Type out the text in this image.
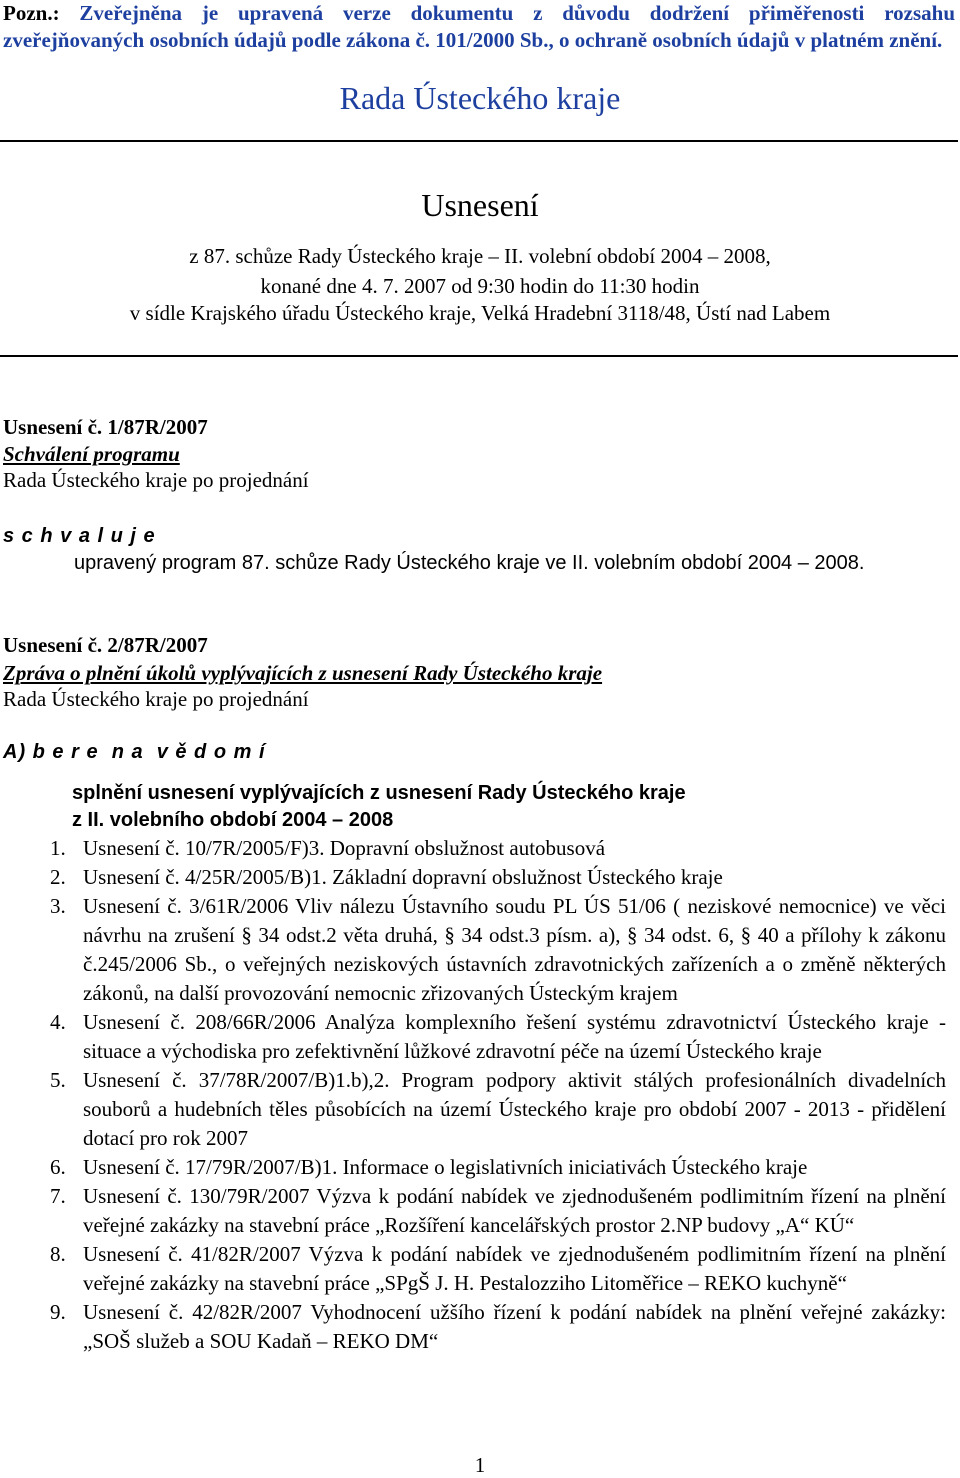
Pozn.: Zveřejněna je upravená verze dokumentu z důvodu dodržení přiměřenosti rozsahu zveřejňovaných osobních údajů podle zákona č. 101/2000 Sb., o ochraně osobních údajů v platném znění.
Rada Ústeckého kraje
Usnesení
z 87. schůze Rady Ústeckého kraje – II. volební období 2004 – 2008,
konané dne 4. 7. 2007 od 9:30 hodin do 11:30 hodin
v sídle Krajského úřadu Ústeckého kraje, Velká Hradební 3118/48, Ústí nad Labem
Usnesení č. 1/87R/2007
Schválení programu
Rada Ústeckého kraje po projednání
s c h v a l u j e
upravený program 87. schůze Rady Ústeckého kraje ve II. volebním období 2004 – 2008.
Usnesení č. 2/87R/2007
Zpráva o plnění úkolů vyplývajících z usnesení Rady Ústeckého kraje
Rada Ústeckého kraje po projednání
A) b e r e  n a  v ě d o m í
splnění usnesení vyplývajících z usnesení Rady Ústeckého kraje
z II. volebního období 2004 – 2008
1. Usnesení č. 10/7R/2005/F)3. Dopravní obslužnost autobusová
2. Usnesení č. 4/25R/2005/B)1. Základní dopravní obslužnost Ústeckého kraje
3. Usnesení č. 3/61R/2006 Vliv nálezu Ústavního soudu PL ÚS 51/06 ( neziskové nemocnice) ve věci návrhu na zrušení § 34 odst.2 věta druhá, § 34 odst.3 písm. a), § 34 odst. 6, § 40 a přílohy k zákonu č.245/2006 Sb., o veřejných neziskových ústavních zdravotnických zařízeních a o změně některých zákonů, na další provozování nemocnic zřizovaných Ústeckým krajem
4. Usnesení č. 208/66R/2006 Analýza komplexního řešení systému zdravotnictví Ústeckého kraje - situace a východiska pro zefektivnění lůžkové zdravotní péče na území Ústeckého kraje
5. Usnesení č. 37/78R/2007/B)1.b),2. Program podpory aktivit stálých profesionálních divadelních souborů a hudebních těles působících na území Ústeckého kraje pro období 2007 - 2013 - přidělení dotací pro rok 2007
6. Usnesení č. 17/79R/2007/B)1. Informace o legislativních iniciativách Ústeckého kraje
7. Usnesení č. 130/79R/2007 Výzva k podání nabídek ve zjednodušeném podlimitním řízení na plnění veřejné zakázky na stavební práce „Rozšíření kancelářských prostor 2.NP budovy „A“ KÚ“
8. Usnesení č. 41/82R/2007 Výzva k podání nabídek ve zjednodušeném podlimitním řízení na plnění veřejné zakázky na stavební práce „SPgŠ J. H. Pestalozziho Litoměřice – REKO kuchyně“
9. Usnesení č. 42/82R/2007 Vyhodnocení užšího řízení k podání nabídek na plnění veřejné zakázky: „SOŠ služeb a SOU Kadaň – REKO DM“
1
